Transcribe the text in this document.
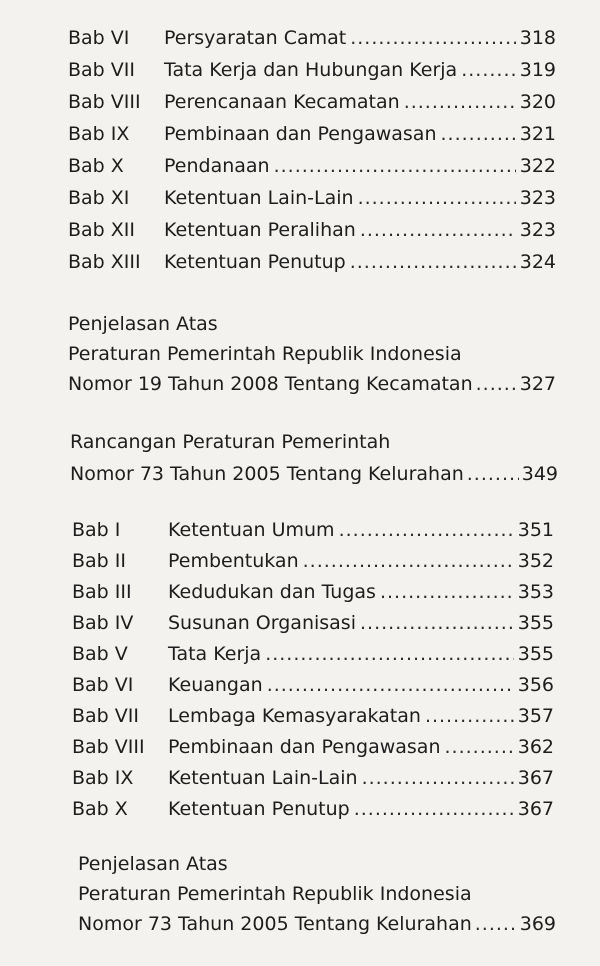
Bab VI	Persyaratan Camat .....	318
Bab VII	Tata Kerja dan Hubungan Kerja .....	319
Bab VIII	Perencanaan Kecamatan .....	320
Bab IX	Pembinaan dan Pengawasan .....	321
Bab X	Pendanaan .....	322
Bab XI	Ketentuan Lain-Lain .....	323
Bab XII	Ketentuan Peralihan .....	323
Bab XIII	Ketentuan Penutup .....	324
Penjelasan Atas
Peraturan Pemerintah Republik Indonesia
Nomor 19 Tahun 2008 Tentang Kecamatan ..... 327
Rancangan Peraturan Pemerintah
Nomor 73 Tahun 2005 Tentang Kelurahan .....	349
Bab I	Ketentuan Umum .....	351
Bab II	Pembentukan .....	352
Bab III	Kedudukan dan Tugas .....	353
Bab IV	Susunan Organisasi .....	355
Bab V	Tata Kerja .....	355
Bab VI	Keuangan .....	356
Bab VII	Lembaga Kemasyarakatan .....	357
Bab VIII	Pembinaan dan Pengawasan .....	362
Bab IX	Ketentuan Lain-Lain .....	367
Bab X	Ketentuan Penutup .....	367
Penjelasan Atas
Peraturan Pemerintah Republik Indonesia
Nomor 73 Tahun 2005 Tentang Kelurahan .....	369
